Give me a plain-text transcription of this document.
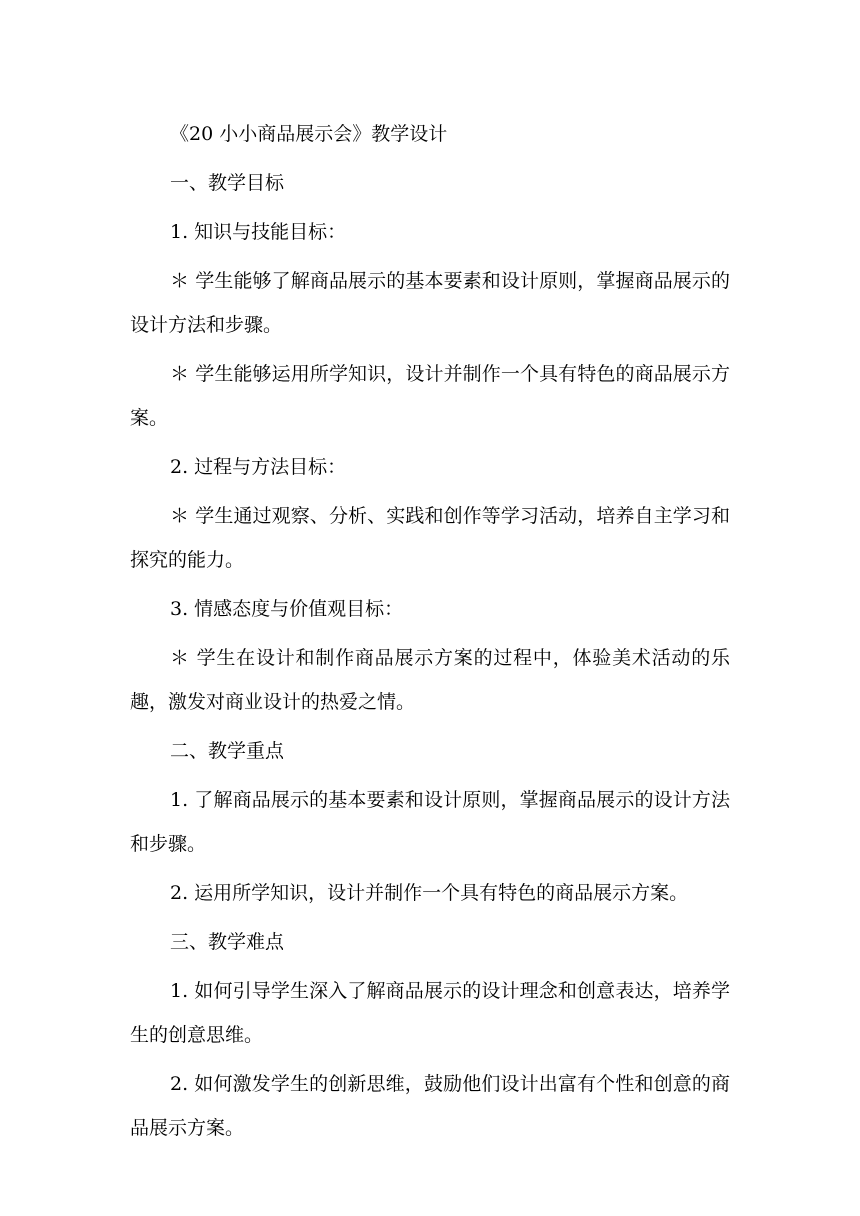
《20 小小商品展示会》教学设计

一、教学目标

1. 知识与技能目标：

＊ 学生能够了解商品展示的基本要素和设计原则，掌握商品展示的设计方法和步骤。

＊ 学生能够运用所学知识，设计并制作一个具有特色的商品展示方案。

2. 过程与方法目标：

＊ 学生通过观察、分析、实践和创作等学习活动，培养自主学习和探究的能力。

3. 情感态度与价值观目标：

＊ 学生在设计和制作商品展示方案的过程中，体验美术活动的乐趣，激发对商业设计的热爱之情。

二、教学重点

1. 了解商品展示的基本要素和设计原则，掌握商品展示的设计方法和步骤。

2. 运用所学知识，设计并制作一个具有特色的商品展示方案。

三、教学难点

1. 如何引导学生深入了解商品展示的设计理念和创意表达，培养学生的创意思维。

2. 如何激发学生的创新思维，鼓励他们设计出富有个性和创意的商品展示方案。
